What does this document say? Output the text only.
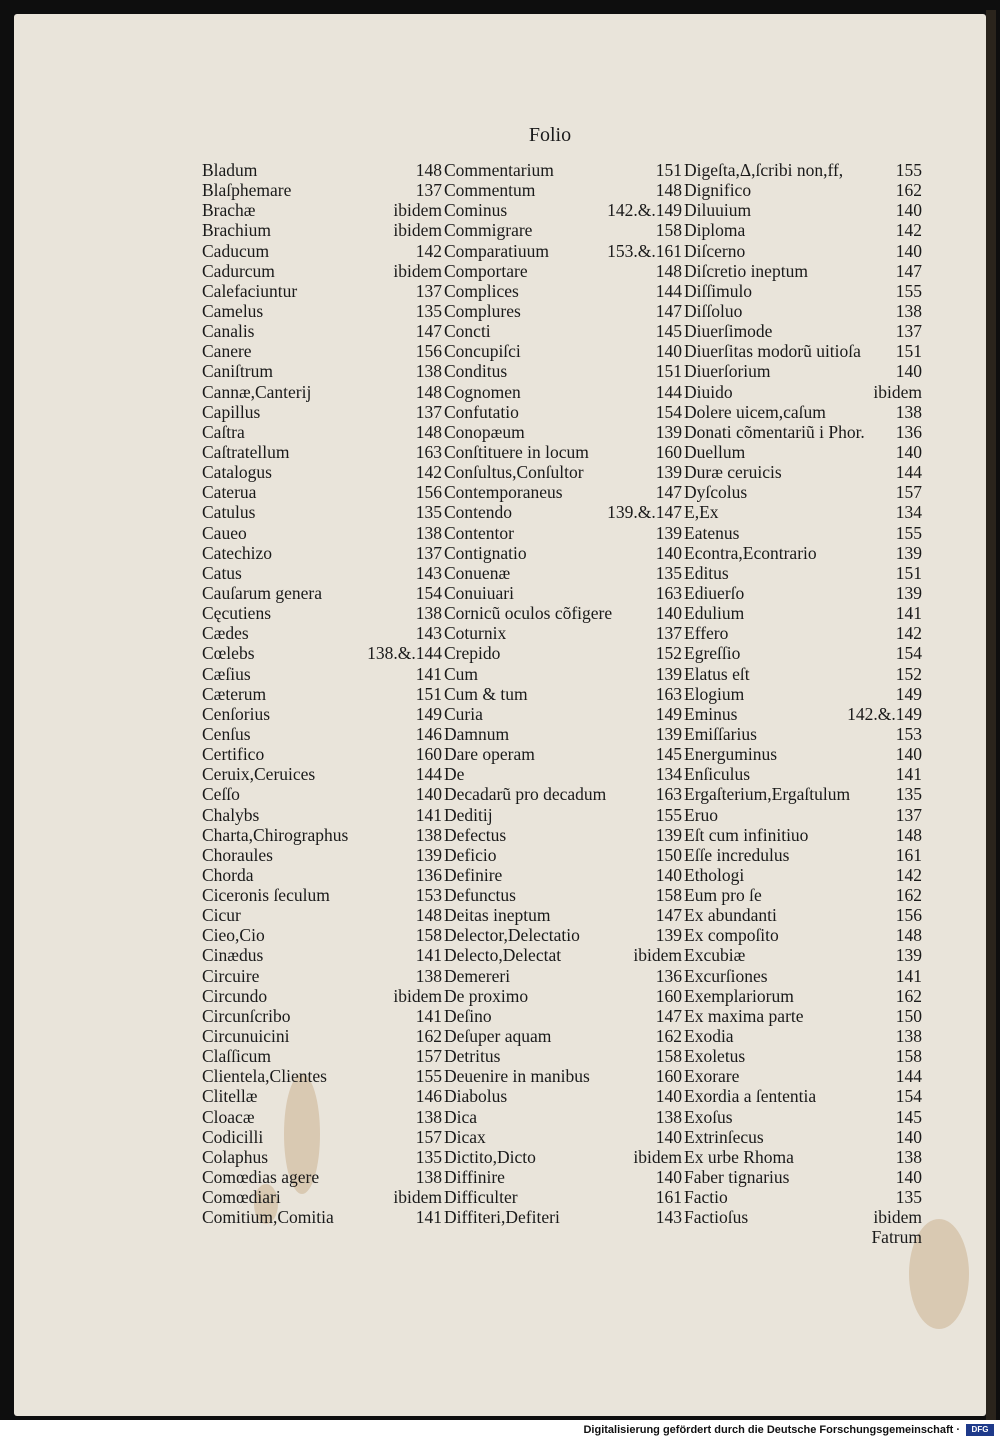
Folio
Bladum	148
Blaſphemare	137
Brachæ	ibidem
Brachium	ibidem
Caducum	142
Cadurcum	ibidem
Calefaciuntur	137
Camelus	135
Canalis	147
Canere	156
Caniſtrum	138
Cannæ,Canterij	148
Capillus	137
Caſtra	148
Caſtratellum	163
Catalogus	142
Caterua	156
Catulus	135
Caueo	138
Catechizo	137
Catus	143
Cauſarum genera	154
Cęcutiens	138
Cædes	143
Cœlebs	138.&.144
Cæſius	141
Cæterum	151
Cenſorius	149
Cenſus	146
Certifico	160
Ceruix,Ceruices	144
Ceſſo	140
Chalybs	141
Charta,Chirographus	138
Choraules	139
Chorda	136
Ciceronis ſeculum	153
Cicur	148
Cieo,Cio	158
Cinædus	141
Circuire	138
Circundo	ibidem
Circunſcribo	141
Circunuicini	162
Claſſicum	157
Clientela,Clientes	155
Clitellæ	146
Cloacæ	138
Codicilli	157
Colaphus	135
Comœdias agere	138
Comœdiari	ibidem
Comitium,Comitia	141
Commentarium	151
Commentum	148
Cominus	142.&.149
Commigrare	158
Comparatiuum	153.&.161
Comportare	148
Complices	144
Complures	147
Concti	145
Concupiſci	140
Conditus	151
Cognomen	144
Confutatio	154
Conopæum	139
Conſtituere in locum	160
Conſultus,Conſultor	139
Contemporaneus	147
Contendo	139.&.147
Contentor	139
Contignatio	140
Conuenæ	135
Conuiuari	163
Cornicũ oculos cõfigere 140
Coturnix	137
Crepido	152
Cum	139
Cum & tum	163
Curia	149
Damnum	139
Dare operam	145
De	134
Decadarũ pro decadum	163
Deditij	155
Defectus	139
Deficio	150
Definire	140
Defunctus	158
Deitas ineptum	147
Delector,Delectatio	139
Delecto,Delectat	ibidem
Demereri	136
De proximo	160
Deſino	147
Deſuper aquam	162
Detritus	158
Deuenire in manibus	160
Diabolus	140
Dica	138
Dicax	140
Dictito,Dicto	ibidem
Diffinire	140
Difficulter	161
Diffiteri,Defiteri	143
Digeſta,Δ,ſcribi non,ff,	155
Dignifico	162
Diluuium	140
Diploma	142
Diſcerno	140
Diſcretio ineptum	147
Diſſimulo	155
Diſſoluo	138
Diuerſimode	137
Diuerſitas modorũ uitioſa 151
Diuerſorium	140
Diuido	ibidem
Dolere uicem,caſum	138
Donati cõmentariũ i Phor. 136
Duellum	140
Duræ ceruicis	144
Dyſcolus	157
E,Ex	134
Eatenus	155
Econtra,Econtrario	139
Editus	151
Ediuerſo	139
Edulium	141
Effero	142
Egreſſio	154
Elatus eſt	152
Elogium	149
Eminus	142.&.149
Emiſſarius	153
Energuminus	140
Enſiculus	141
Ergaſterium,Ergaſtulum	135
Eruo	137
Eſt cum infinitiuo	148
Eſſe incredulus	161
Ethologi	142
Eum pro ſe	162
Ex abundanti	156
Ex compoſito	148
Excubiæ	139
Excurſiones	141
Exemplariorum	162
Ex maxima parte	150
Exodia	138
Exoletus	158
Exorare	144
Exordia a ſententia	154
Exoſus	145
Extrinſecus	140
Ex urbe Rhoma	138
Faber tignarius	140
Factio	135
Factioſus	ibidem
Fatrum
Digitalisierung gefördert durch die Deutsche Forschungsgemeinschaft ·	DFG
